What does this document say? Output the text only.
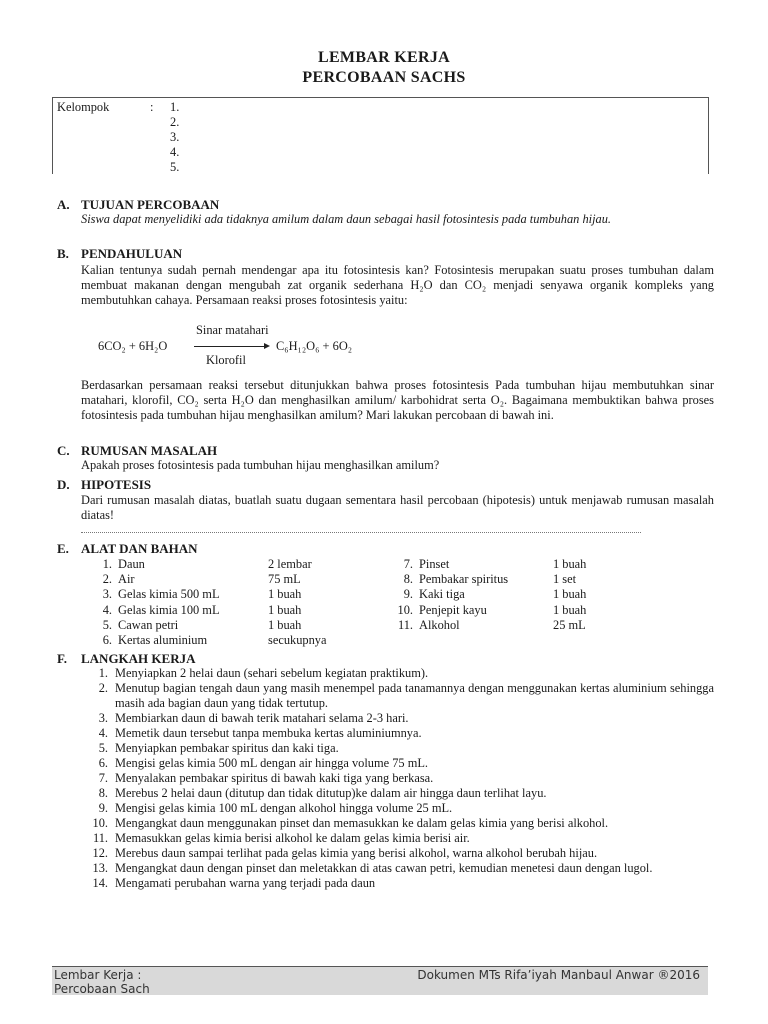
LEMBAR KERJA
PERCOBAAN SACHS
Kelompok	: 1.
2.
3.
4.
5.
A. TUJUAN PERCOBAAN
Siswa dapat menyelidiki ada tidaknya amilum dalam daun sebagai hasil fotosintesis pada tumbuhan hijau.
B. PENDAHULUAN
Kalian tentunya sudah pernah mendengar apa itu fotosintesis kan? Fotosintesis merupakan suatu proses tumbuhan dalam membuat makanan dengan mengubah zat organik sederhana H₂O dan CO₂ menjadi senyawa organik kompleks yang membutuhkan cahaya. Persamaan reaksi proses fotosintesis yaitu:
6CO₂ + 6H₂O
Sinar matahari
Klorofil
C₆H₁₂O₆ + 6O₂
Berdasarkan persamaan reaksi tersebut ditunjukkan bahwa proses fotosintesis Pada tumbuhan hijau membutuhkan sinar matahari, klorofil, CO₂ serta H₂O dan menghasilkan amilum/ karbohidrat serta O₂. Bagaimana membuktikan bahwa proses fotosintesis pada tumbuhan hijau menghasilkan amilum? Mari lakukan percobaan di bawah ini.
C. RUMUSAN MASALAH
Apakah proses fotosintesis pada tumbuhan hijau menghasilkan amilum?
D. HIPOTESIS
Dari rumusan masalah diatas, buatlah suatu dugaan sementara hasil percobaan (hipotesis) untuk menjawab rumusan masalah diatas!
E. ALAT DAN BAHAN
1. Daun	2 lembar
2. Air	75 mL
3. Gelas kimia 500 mL	1 buah
4. Gelas kimia 100 mL	1 buah
5. Cawan petri	1 buah
6. Kertas aluminium	secukupnya
7. Pinset	1 buah
8. Pembakar spiritus	1 set
9. Kaki tiga	1 buah
10. Penjepit kayu	1 buah
11. Alkohol	25 mL
F. LANGKAH KERJA
1. Menyiapkan 2 helai daun (sehari sebelum kegiatan praktikum).
2. Menutup bagian tengah daun yang masih menempel pada tanamannya dengan menggunakan kertas aluminium sehingga masih ada bagian daun yang tidak tertutup.
3. Membiarkan daun di bawah terik matahari selama 2-3 hari.
4. Memetik daun tersebut tanpa membuka kertas aluminiumnya.
5. Menyiapkan pembakar spiritus dan kaki tiga.
6. Mengisi gelas kimia 500 mL dengan air hingga volume 75 mL.
7. Menyalakan pembakar spiritus di bawah kaki tiga yang berkasa.
8. Merebus 2 helai daun (ditutup dan tidak ditutup)ke dalam air hingga daun terlihat layu.
9. Mengisi gelas kimia 100 mL dengan alkohol hingga volume 25 mL.
10. Mengangkat daun menggunakan pinset dan memasukkan ke dalam gelas kimia yang berisi alkohol.
11. Memasukkan gelas kimia berisi alkohol ke dalam gelas kimia berisi air.
12. Merebus daun sampai terlihat pada gelas kimia yang berisi alkohol, warna alkohol berubah hijau.
13. Mengangkat daun dengan pinset dan meletakkan di atas cawan petri, kemudian menetesi daun dengan lugol.
14. Mengamati perubahan warna yang terjadi pada daun
Lembar Kerja :
Percobaan Sach
Dokumen MTs Rifa’iyah Manbaul Anwar ®2016
